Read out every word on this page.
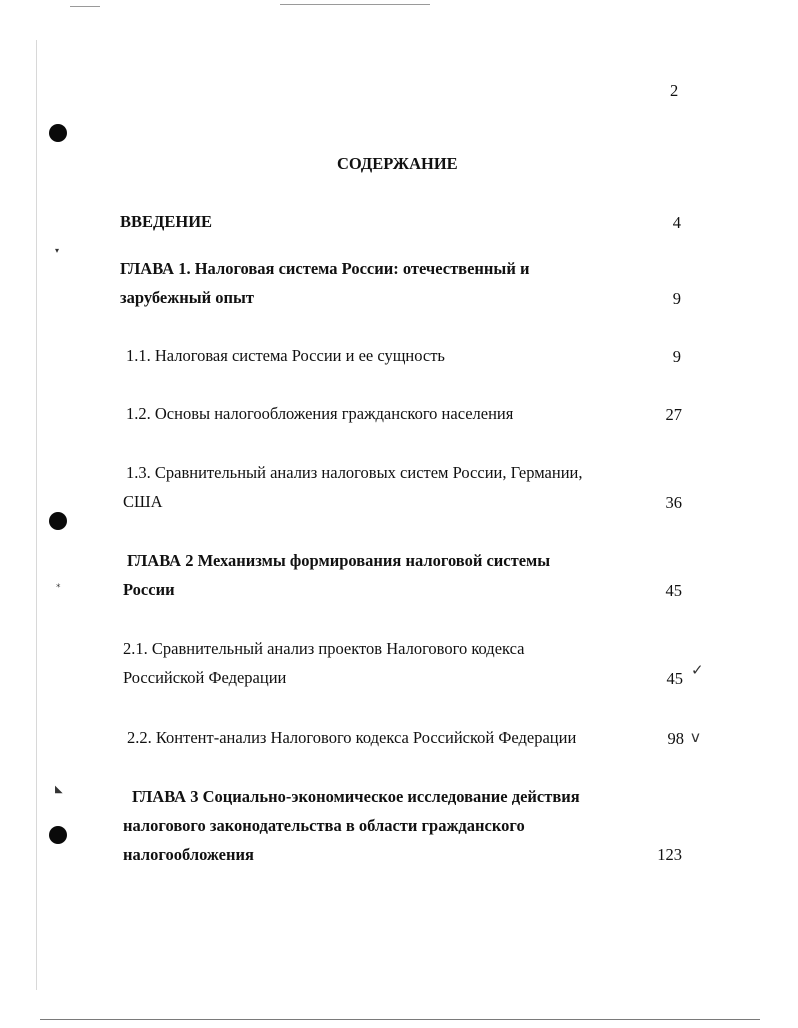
▾
⁎
◣
2
СОДЕРЖАНИЕ
ВВЕДЕНИЕ	4
ГЛАВА 1. Налоговая система России: отечественный и
зарубежный опыт	9
1.1. Налоговая система России и ее сущность	9
1.2. Основы налогообложения гражданского населения	27
1.3. Сравнительный анализ налоговых систем России, Германии,
США	36
ГЛАВА 2 Механизмы формирования налоговой системы
России	45
2.1. Сравнительный анализ проектов Налогового кодекса
Российской Федерации	45 ✓
2.2. Контент-анализ Налогового кодекса Российской Федерации	98 v
ГЛАВА 3 Социально-экономическое исследование действия
налогового законодательства в области гражданского
налогообложения	123
